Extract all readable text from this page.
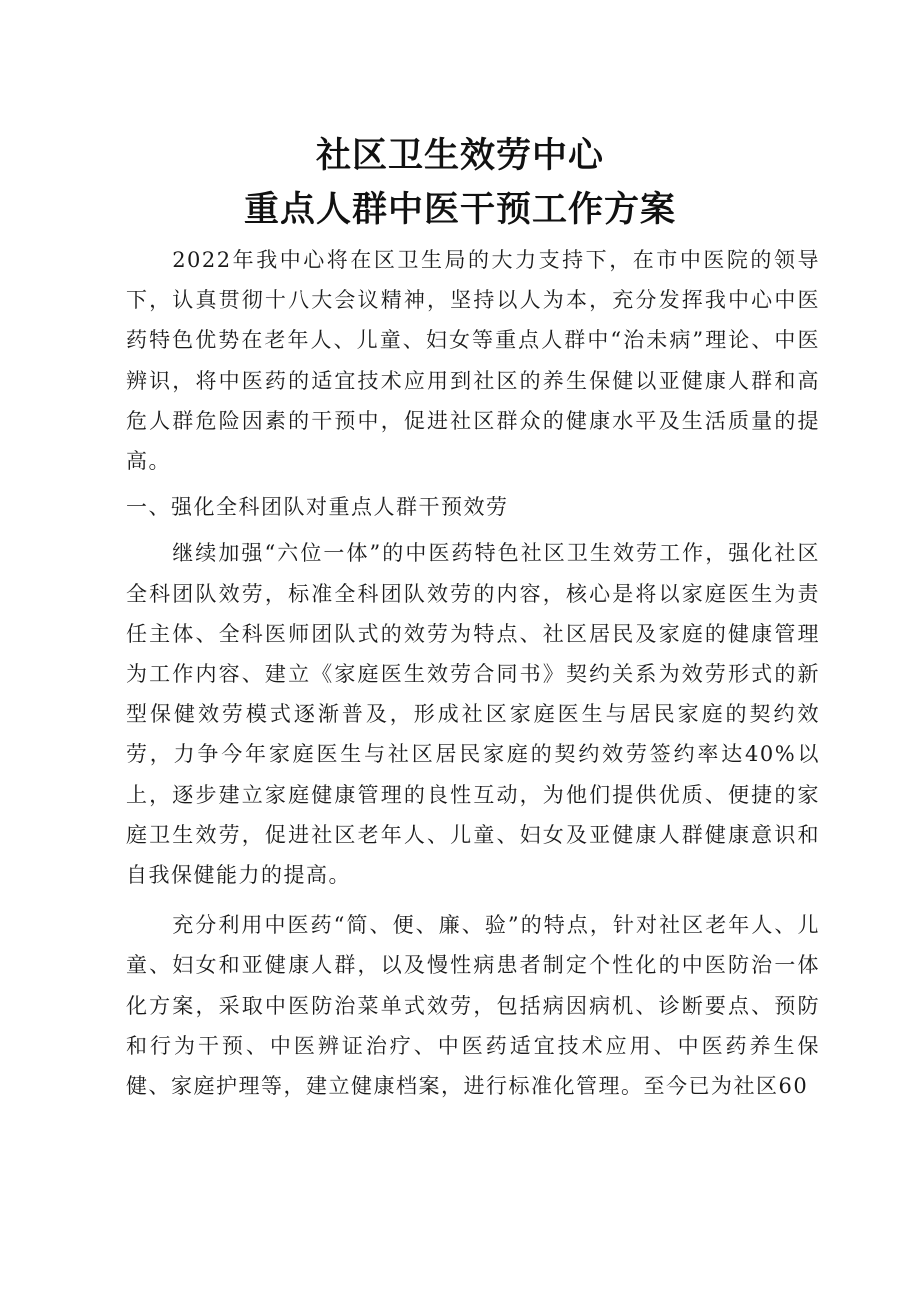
社区卫生效劳中心
重点人群中医干预工作方案

2022年我中心将在区卫生局的大力支持下，在市中医院的领导下，认真贯彻十八大会议精神，坚持以人为本，充分发挥我中心中医药特色优势在老年人、儿童、妇女等重点人群中“治未病”理论、中医辨识，将中医药的适宜技术应用到社区的养生保健以亚健康人群和高危人群危险因素的干预中，促进社区群众的健康水平及生活质量的提高。

一、强化全科团队对重点人群干预效劳

继续加强“六位一体”的中医药特色社区卫生效劳工作，强化社区全科团队效劳，标准全科团队效劳的内容，核心是将以家庭医生为责任主体、全科医师团队式的效劳为特点、社区居民及家庭的健康管理为工作内容、建立《家庭医生效劳合同书》契约关系为效劳形式的新型保健效劳模式逐渐普及，形成社区家庭医生与居民家庭的契约效劳，力争今年家庭医生与社区居民家庭的契约效劳签约率达40%以上，逐步建立家庭健康管理的良性互动，为他们提供优质、便捷的家庭卫生效劳，促进社区老年人、儿童、妇女及亚健康人群健康意识和自我保健能力的提高。

充分利用中医药“简、便、廉、验”的特点，针对社区老年人、儿童、妇女和亚健康人群，以及慢性病患者制定个性化的中医防治一体化方案，采取中医防治菜单式效劳，包括病因病机、诊断要点、预防和行为干预、中医辨证治疗、中医药适宜技术应用、中医药养生保健、家庭护理等，建立健康档案，进行标准化管理。至今已为社区60
